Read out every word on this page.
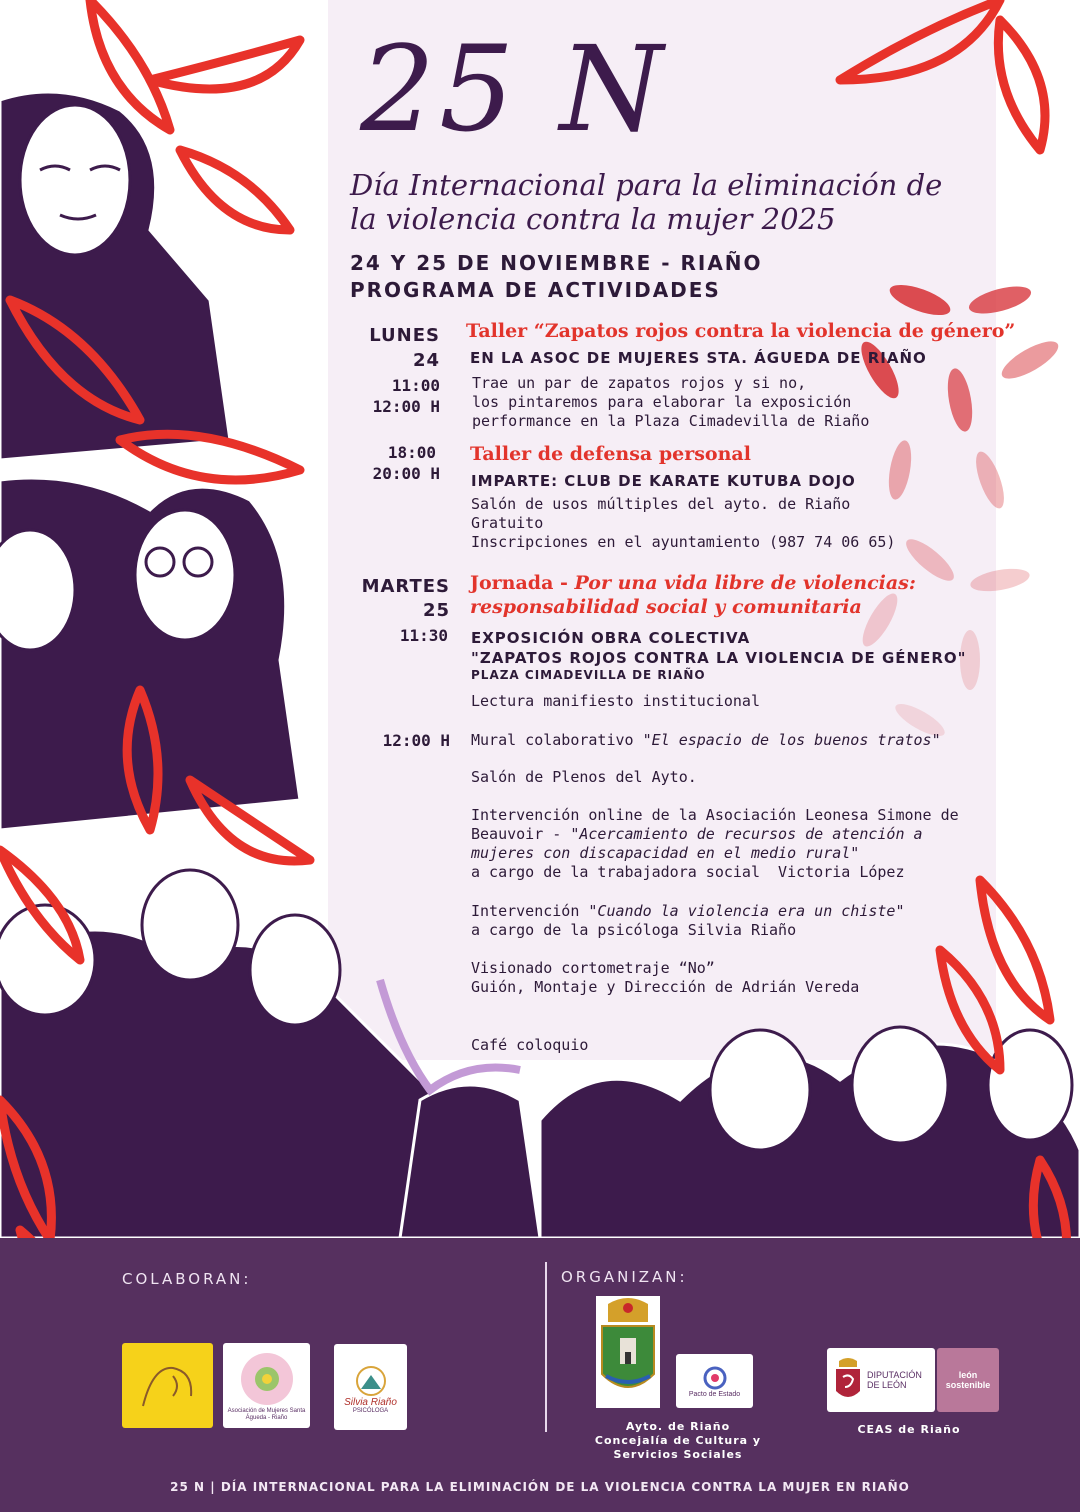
25 N
Día Internacional para la eliminación de la violencia contra la mujer 2025
24 Y 25 DE NOVIEMBRE - RIAÑO
PROGRAMA DE ACTIVIDADES
LUNES
24
11:00
12:00 H
Taller “Zapatos rojos contra la violencia de género”
EN LA ASOC DE MUJERES STA. ÁGUEDA DE RIAÑO
Trae un par de zapatos rojos y si no,
los pintaremos para elaborar la exposición
performance en la Plaza Cimadevilla de Riaño
18:00
20:00 H
Taller de defensa personal
IMPARTE: CLUB DE KARATE KUTUBA DOJO
Salón de usos múltiples del ayto. de Riaño
Gratuito
Inscripciones en el ayuntamiento (987 74 06 65)
MARTES
25
11:30
Jornada - Por una vida libre de violencias:
responsabilidad social y comunitaria
EXPOSICIÓN OBRA COLECTIVA
"ZAPATOS ROJOS CONTRA LA VIOLENCIA DE GÉNERO"
PLAZA CIMADEVILLA DE RIAÑO
Lectura manifiesto institucional
12:00 H Mural colaborativo "El espacio de los buenos tratos"
Salón de Plenos del Ayto.
Intervención online de la Asociación Leonesa Simone de
Beauvoir - "Acercamiento de recursos de atención a
mujeres con discapacidad en el medio rural"
a cargo de la trabajadora social  Victoria López
Intervención "Cuando la violencia era un chiste"
a cargo de la psicóloga Silvia Riaño
Visionado cortometraje “No”
Guión, Montaje y Dirección de Adrián Vereda
Café coloquio
COLABORAN:	ORGANIZAN:
Asociación de Mujeres Santa Águeda - Riaño
Silvia Riaño
PSICÓLOGA
Pacto de Estado
Ayto. de Riaño
Concejalía de Cultura y
Servicios Sociales
DIPUTACIÓN DE LEÓN
león sostenible
CEAS de Riaño
25 N | DÍA INTERNACIONAL PARA LA ELIMINACIÓN DE LA VIOLENCIA CONTRA LA MUJER EN RIAÑO
